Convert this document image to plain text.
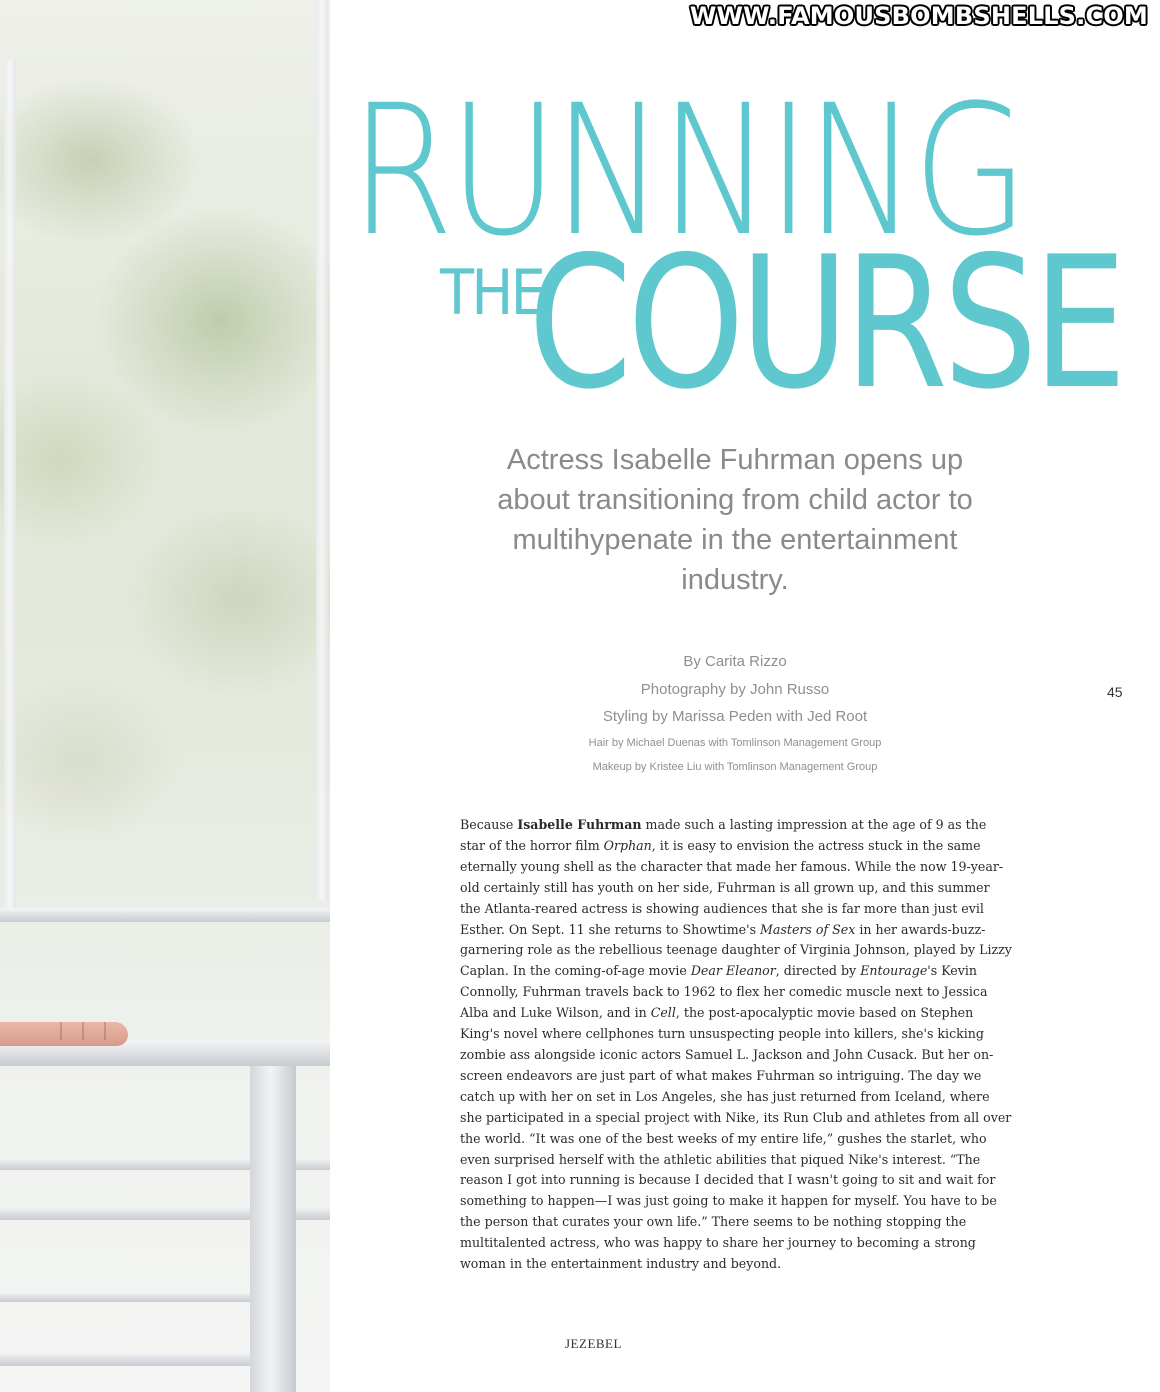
WWW.FAMOUSBOMBSHELLS.COM
RUNNING
THE
COURSE
Actress Isabelle Fuhrman opens up about transitioning from child actor to multihypenate in the entertainment industry.
By Carita Rizzo
Photography by John Russo
Styling by Marissa Peden with Jed Root
Hair by Michael Duenas with Tomlinson Management Group
Makeup by Kristee Liu with Tomlinson Management Group
45
Because Isabelle Fuhrman made such a lasting impression at the age of 9 as the star of the horror film Orphan, it is easy to envision the actress stuck in the same eternally young shell as the character that made her famous. While the now 19-year-old certainly still has youth on her side, Fuhrman is all grown up, and this summer the Atlanta-reared actress is showing audiences that she is far more than just evil Esther. On Sept. 11 she returns to Showtime's Masters of Sex in her awards-buzz-garnering role as the rebellious teenage daughter of Virginia Johnson, played by Lizzy Caplan. In the coming-of-age movie Dear Eleanor, directed by Entourage's Kevin Connolly, Fuhrman travels back to 1962 to flex her comedic muscle next to Jessica Alba and Luke Wilson, and in Cell, the post-apocalyptic movie based on Stephen King's novel where cellphones turn unsuspecting people into killers, she's kicking zombie ass alongside iconic actors Samuel L. Jackson and John Cusack. But her on-screen endeavors are just part of what makes Fuhrman so intriguing. The day we catch up with her on set in Los Angeles, she has just returned from Iceland, where she participated in a special project with Nike, its Run Club and athletes from all over the world. “It was one of the best weeks of my entire life,” gushes the starlet, who even surprised herself with the athletic abilities that piqued Nike's interest. “The reason I got into running is because I decided that I wasn't going to sit and wait for something to happen—I was just going to make it happen for myself. You have to be the person that curates your own life.” There seems to be nothing stopping the multitalented actress, who was happy to share her journey to becoming a strong woman in the entertainment industry and beyond.
JEZEBEL
